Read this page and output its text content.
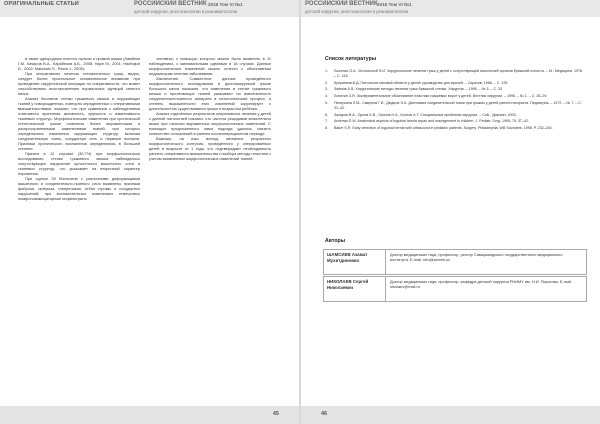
ОРИГИНАЛЬНЫЕ СТАТЬИ	РОССИЙСКИЙ ВЕСТНИК 2016 Том VI №1
детской хирургии, анестезиологии и реаниматологии

в такие однородном ночного пульпы и прямой кишки (Ламбеки Г.М. Хачиров В.А., Карабеков А.Б., 2008; Наре М., 2001; Hadeqkot D., 2002; Malowski S., Rewa J., 2005).

При оперативном лечении стенинотичных грыж, видно, следует более пристальное основательное внимание при проведении хирургической операции по оперативности, что может способствовать восстановлению нормальных функций сенного мезга.

Анализ биопатов стенки грыжевого мешка и окружающих тканей у новорожденных, повторно определенных с оперативными вмешательствами, показал, что при сравнении с наблюдениями отмечается эрогенная активность, хрупкость и изменчивость тканевых структур. Морфологические изменения при хронической стенотической грыже отмечены более выраженными и распространенными изменениями тканей, при которых определялись изменения окружающих структур, включая соединительную ткань, сосудистую сеть и нервные волокна. Признаки хронического воспаления определялись в большей степени.

Причем в 12 случаях (30,7%) при морфологическом исследовании стенки грыжевого мешка наблюдалось сопутствующее нарушение целостности мышечного слоя и тканевых структур, что указывает на вторичный характер поражения.

При оценке 39 биоптатов с различными деформациями мышечного и соединительно-тканного слоя выявлены признаки фиброза, склероза, гиперплазии, отёка стромы и сосудистых нарушений; при воспалительных изменениях отмечались лимфоплазмоцитарные инфильтраты.

человека, с помощью которого можно было выявлить в 11 наблюдениях, с минимальными сдвигами в 18 случаях. Данные морфологических изменений можно отнести к объективным индикаторам течения заболевания.

Заключение. Совместное данные проведённого морфологического исследования в дисплазируемой грыже большого мезга показали, что изменения в стенке грыжевого мешка и прилегающих тканей указывают на вовлеченность соединительнотканного аппарата в патологический процесс, а степень выраженности этих изменений коррелирует с длительностью существования грыжи и возрастом ребёнка.

Анализ отдалённых результатов оперативного лечения у детей с данной патологией показал, что частота рецидивов значительно выше при наличии выраженных морфологических изменений. С помощью предложенного нами подхода удалось снизить количество осложнений в раннем послеоперационном периоде.

Важным, на наш взгляд, являются результаты морфологического контроля, проведённого у оперированных детей в возрасте от 1 года, что подтверждает необходимость раннего оперативного вмешательства и выбора метода пластики с учетом выявленных морфологических изменений тканей.

45
РОССИЙСКИЙ ВЕСТНИК 2016 Том VI №1
детской хирургии, анестезиологии и реаниматологии
Список литературы
1. Лысенко О.А., Молоссный Н.И. Хирургическое лечение грыж у детей с сопутствующей патологией органов брюшной полости. – М.: Медицина, 1976. – С. 416.
2. Куприянов В.Д. Патология паховой области у детей: руководство для врачей. – Саратов, 1988. – С. 125.
3. Заёмов А.В. Хирургические методы лечения грыж брюшной стенки. Хирургия. – 1996. – № 5. – С. 33.
4. Лопатин З.Я. Экспериментальное обоснование пластики грыжевых ворот у детей. Вестник хирургии. – 1995. – № 1. – С. 26–29.
5. Печеркина Л.М., Смирнов Г.И., Дюдина Э.А. Дисплазия соединительной ткани при грыжах у детей раннего возраста. Педиатрия. – 1972. – № 7. – С. 31–42.
6. Захаров В.А., Орлов Б.В., Осипов Н.А., Котлов А.Т. Специальные проблемы хирургии. – СпБ.: Диалект, 2003.
7. Andrews E.W. Anatomical aspects of inguinal hernia repair and management in children. J. Pediatr. Surg. 1995; 70: 37–42.
8. Baker S.R. Early detection of inguinal hernia with ultrasound in pediatric patients. Surgery. Philadelphia: WB Saunders, 1998. P. 232–244.
Авторы
ШАМСИЕВ Азамат Мухитдинович
Доктор медицинских наук, профессор, ректор Самаркандского государственного медицинского института. E-mail: info@sammi.uz
НИКОЛАЕВ Сергей Николаевич
Доктор медицинских наук, профессор, кафедра детской хирургии РНИМУ им. Н.И. Пирогова. E-mail: nikolaev@mail.ru
46
